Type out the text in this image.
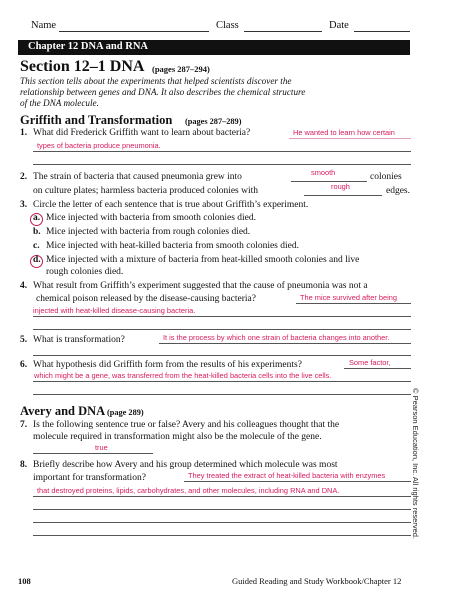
Name	Class	Date
Chapter 12 DNA and RNA
Section 12–1 DNA (pages 287–294)
This section tells about the experiments that helped scientists discover the
relationship between genes and DNA. It also describes the chemical structure
of the DNA molecule.
Griffith and Transformation (pages 287–289)
1. What did Frederick Griffith want to learn about bacteria?	He wanted to learn how certain
types of bacteria produce pneumonia.
2. The strain of bacteria that caused pneumonia grew into	smooth	colonies
on culture plates; harmless bacteria produced colonies with	rough	edges.
3. Circle the letter of each sentence that is true about Griffith’s experiment.
a. Mice injected with bacteria from smooth colonies died.
b. Mice injected with bacteria from rough colonies died.
c. Mice injected with heat-killed bacteria from smooth colonies died.
d. Mice injected with a mixture of bacteria from heat-killed smooth colonies and live
rough colonies died.
4. What result from Griffith’s experiment suggested that the cause of pneumonia was not a
chemical poison released by the disease-causing bacteria?	The mice survived after being
injected with heat-killed disease-causing bacteria.
5. What is transformation?	It is the process by which one strain of bacteria changes into another.
6. What hypothesis did Griffith form from the results of his experiments?	Some factor,
which might be a gene, was transferred from the heat-killed bacteria cells into the live cells.
Avery and DNA (page 289)
7. Is the following sentence true or false? Avery and his colleagues thought that the
molecule required in transformation might also be the molecule of the gene.
true
8. Briefly describe how Avery and his group determined which molecule was most
important for transformation?	They treated the extract of heat-killed bacteria with enzymes
that destroyed proteins, lipids, carbohydrates, and other molecules, including RNA and DNA.	© Pearson Education, Inc. All rights reserved.
108	Guided Reading and Study Workbook/Chapter 12
